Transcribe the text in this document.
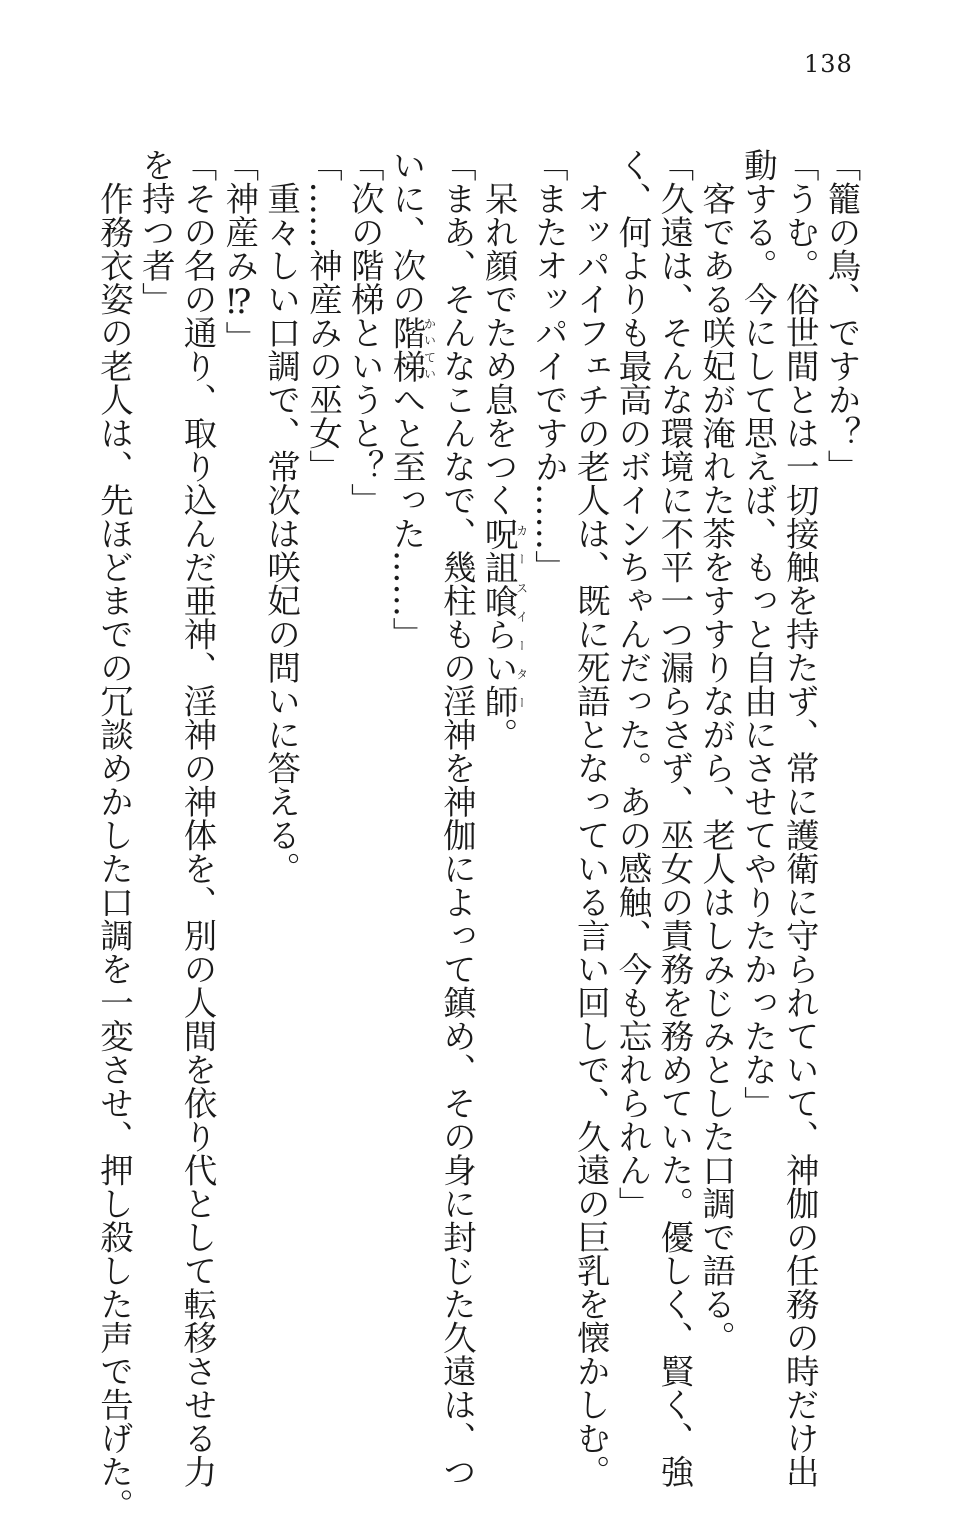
138
「籠の鳥、ですか？」
「うむ。俗世間とは一切接触を持たず、常に護衛に守られていて、神伽の任務の時だけ出
動する。今にして思えば、もっと自由にさせてやりたかったな」
　客である咲妃が淹れた茶をすすりながら、老人はしみじみとした口調で語る。
「久遠は、そんな環境に不平一つ漏らさず、巫女の責務を務めていた。優しく、賢く、強
く、何よりも最高のボインちゃんだった。あの感触、今も忘れられん」
　オッパイフェチの老人は、既に死語となっている言い回しで、久遠の巨乳を懐かしむ。
「またオッパイですか……」
　呆れ顔でため息をつく呪詛喰らい師カースイーター。
「まあ、そんなこんなで、幾柱もの淫神を神伽によって鎮め、その身に封じた久遠は、つ
いに、次の階梯かいていへと至った……」
「次の階梯というと？」
「……神産みの巫女」
　重々しい口調で、常次は咲妃の問いに答える。
「神産み⁉」
「その名の通り、取り込んだ亜神、淫神の神体を、別の人間を依り代として転移させる力
を持つ者」
　作務衣姿の老人は、先ほどまでの冗談めかした口調を一変させ、押し殺した声で告げた。
